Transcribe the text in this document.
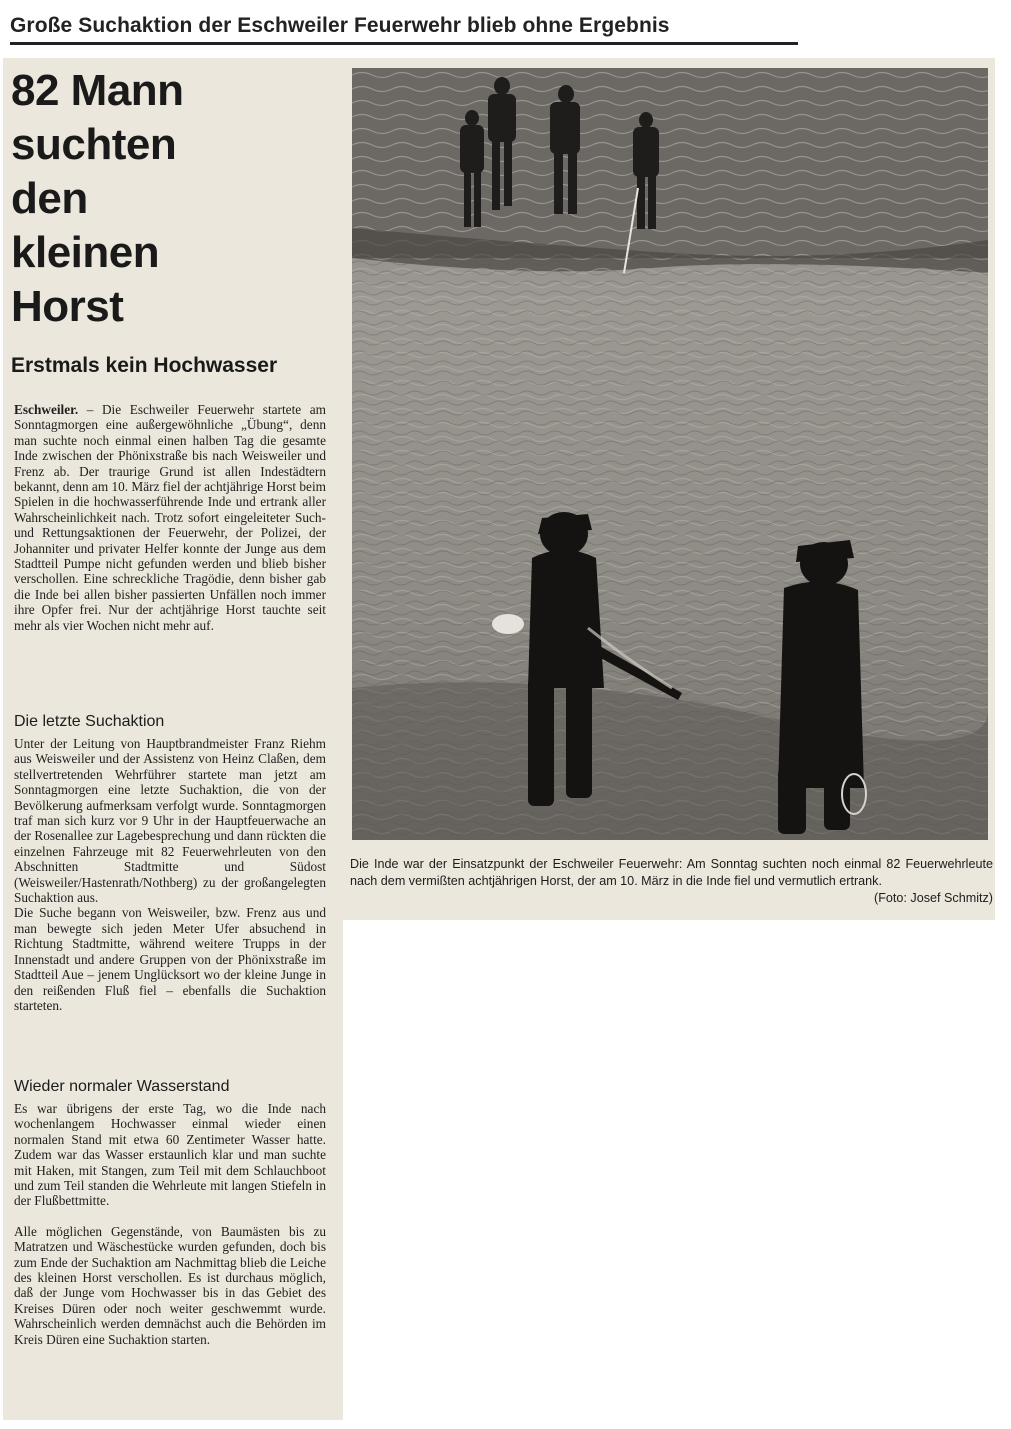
Große Suchaktion der Eschweiler Feuerwehr blieb ohne Ergebnis
82 Mann
suchten
den
kleinen
Horst
Erstmals kein Hochwasser

Eschweiler. – Die Eschweiler Feuerwehr startete am Sonntagmorgen eine außergewöhnliche „Übung“, denn man suchte noch einmal einen halben Tag die gesamte Inde zwischen der Phönixstraße bis nach Weisweiler und Frenz ab. Der traurige Grund ist allen Indestädtern bekannt, denn am 10. März fiel der achtjährige Horst beim Spielen in die hochwasserführende Inde und ertrank aller Wahrscheinlichkeit nach. Trotz sofort eingeleiteter Such- und Rettungsaktionen der Feuerwehr, der Polizei, der Johanniter und privater Helfer konnte der Junge aus dem Stadtteil Pumpe nicht gefunden werden und blieb bisher verschollen. Eine schreckliche Tragödie, denn bisher gab die Inde bei allen bisher passierten Unfällen noch immer ihre Opfer frei. Nur der achtjährige Horst tauchte seit mehr als vier Wochen nicht mehr auf.

Die letzte Suchaktion

Unter der Leitung von Hauptbrandmeister Franz Riehm aus Weisweiler und der Assistenz von Heinz Claßen, dem stellvertretenden Wehrführer startete man jetzt am Sonntagmorgen eine letzte Suchaktion, die von der Bevölkerung aufmerksam verfolgt wurde. Sonntagmorgen traf man sich kurz vor 9 Uhr in der Hauptfeuerwache an der Rosenallee zur Lagebesprechung und dann rückten die einzelnen Fahrzeuge mit 82 Feuerwehrleuten von den Abschnitten Stadtmitte und Südost (Weisweiler/Hastenrath/Nothberg) zu der großangelegten Suchaktion aus.

Die Suche begann von Weisweiler, bzw. Frenz aus und man bewegte sich jeden Meter Ufer absuchend in Richtung Stadtmitte, während weitere Trupps in der Innenstadt und andere Gruppen von der Phönixstraße im Stadtteil Aue – jenem Unglücksort wo der kleine Junge in den reißenden Fluß fiel – ebenfalls die Suchaktion starteten.

Wieder normaler Wasserstand

Es war übrigens der erste Tag, wo die Inde nach wochenlangem Hochwasser einmal wieder einen normalen Stand mit etwa 60 Zentimeter Wasser hatte. Zudem war das Wasser erstaunlich klar und man suchte mit Haken, mit Stangen, zum Teil mit dem Schlauchboot und zum Teil standen die Wehrleute mit langen Stiefeln in der Flußbettmitte.

Alle möglichen Gegenstände, von Baumästen bis zu Matratzen und Wäschestücke wurden gefunden, doch bis zum Ende der Suchaktion am Nachmittag blieb die Leiche des kleinen Horst verschollen. Es ist durchaus möglich, daß der Junge vom Hochwasser bis in das Gebiet des Kreises Düren oder noch weiter geschwemmt wurde. Wahrscheinlich werden demnächst auch die Behörden im Kreis Düren eine Suchaktion starten.

Die Inde war der Einsatzpunkt der Eschweiler Feuerwehr: Am Sonntag suchten noch einmal 82 Feuerwehrleute nach dem vermißten achtjährigen Horst, der am 10. März in die Inde fiel und vermutlich ertrank.
(Foto: Josef Schmitz)
